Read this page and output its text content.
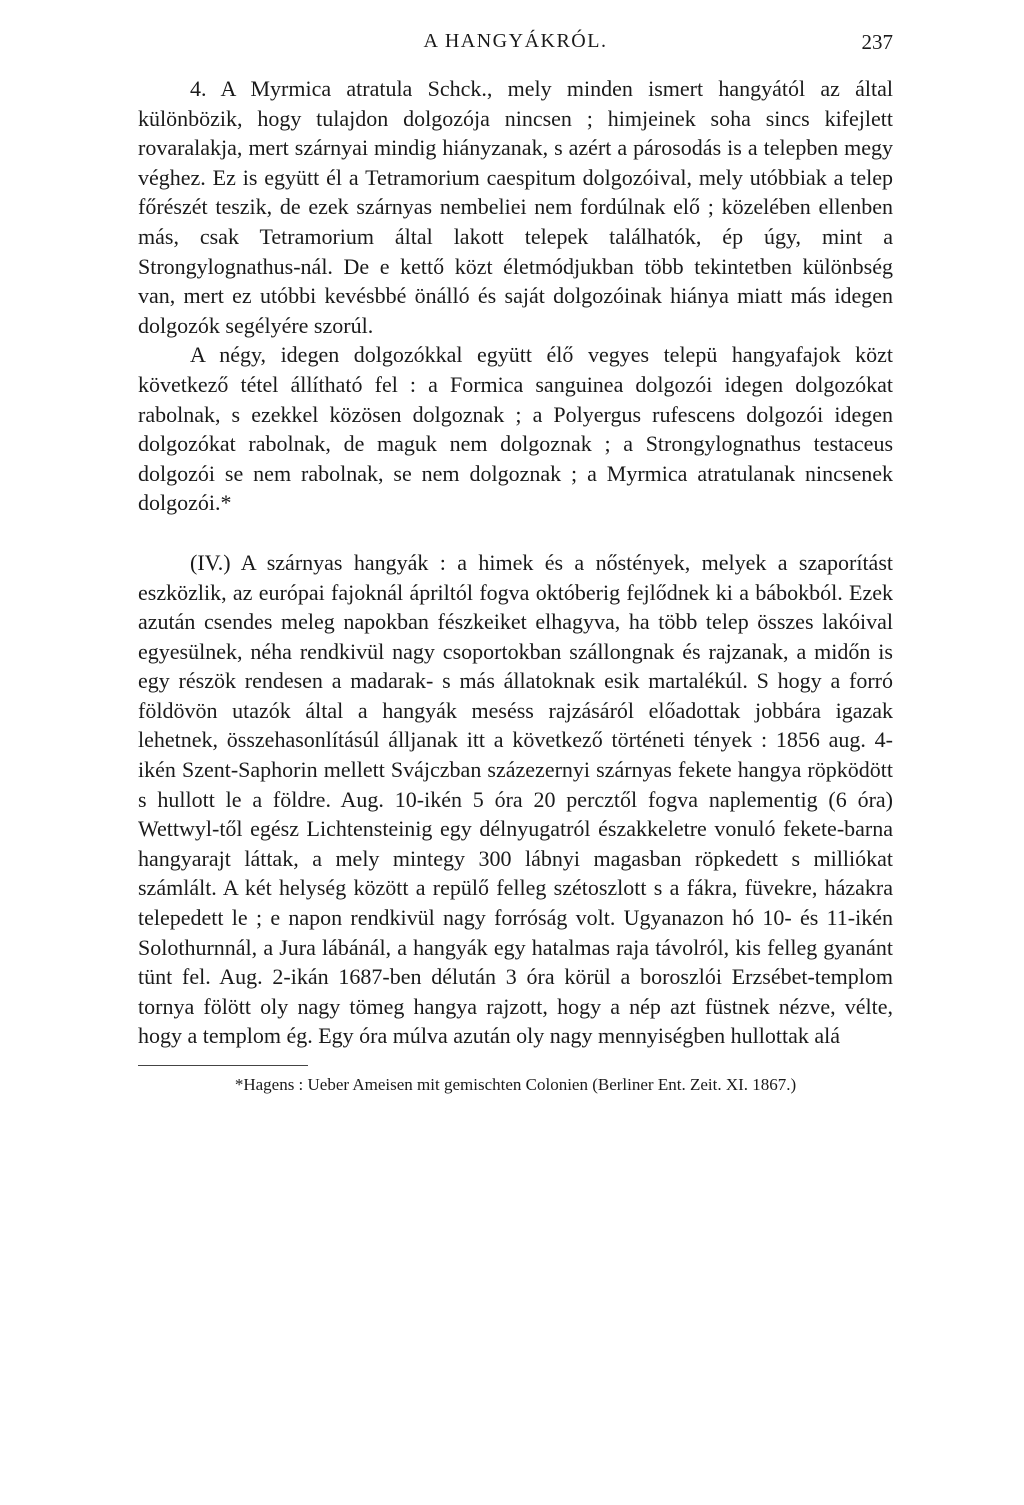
A HANGYÁKRÓL.	237

4. A Myrmica atratula Schck., mely minden ismert hangyától az által különbözik, hogy tulajdon dolgozója nincsen ; himjeinek soha sincs kifejlett rovaralakja, mert szárnyai mindig hiányzanak, s azért a párosodás is a telepben megy véghez. Ez is együtt él a Tetramorium caespitum dolgozóival, mely utóbbiak a telep főrészét teszik, de ezek szárnyas nembeliei nem fordúlnak elő ; közelében ellenben más, csak Tetramorium által lakott telepek találhatók, ép úgy, mint a Strongylognathus-nál. De e kettő közt életmódjukban több tekintetben különbség van, mert ez utóbbi kevésbbé önálló és saját dolgozóinak hiánya miatt más idegen dolgozók segélyére szorúl.

A négy, idegen dolgozókkal együtt élő vegyes telepü hangyafajok közt következő tétel állítható fel : a Formica sanguinea dolgozói idegen dolgozókat rabolnak, s ezekkel közösen dolgoznak ; a Polyergus rufescens dolgozói idegen dolgozókat rabolnak, de maguk nem dolgoznak ; a Strongylognathus testaceus dolgozói se nem rabolnak, se nem dolgoznak ; a Myrmica atratulanak nincsenek dolgozói.*

(IV.) A szárnyas hangyák : a himek és a nőstények, melyek a szaporítást eszközlik, az európai fajoknál ápriltól fogva októberig fejlődnek ki a bábokból. Ezek azután csendes meleg napokban fészkeiket elhagyva, ha több telep összes lakóival egyesülnek, néha rendkivül nagy csoportokban szállongnak és rajzanak, a midőn is egy részök rendesen a madarak- s más állatoknak esik martalékúl. S hogy a forró földövön utazók által a hangyák meséss rajzásáról előadottak jobbára igazak lehetnek, összehasonlításúl álljanak itt a következő történeti tények : 1856 aug. 4-ikén Szent-Saphorin mellett Svájczban százezernyi szárnyas fekete hangya röpködött s hullott le a földre. Aug. 10-ikén 5 óra 20 percztől fogva naplementig (6 óra) Wettwyl-től egész Lichtensteinig egy délnyugatról északkeletre vonuló fekete-barna hangyarajt láttak, a mely mintegy 300 lábnyi magasban röpkedett s milliókat számlált. A két helység között a repülő felleg szétoszlott s a fákra, füvekre, házakra telepedett le ; e napon rendkivül nagy forróság volt. Ugyanazon hó 10- és 11-ikén Solothurnnál, a Jura lábánál, a hangyák egy hatalmas raja távolról, kis felleg gyanánt tünt fel. Aug. 2-ikán 1687-ben délután 3 óra körül a boroszlói Erzsébet-templom tornya fölött oly nagy tömeg hangya rajzott, hogy a nép azt füstnek nézve, vélte, hogy a templom ég. Egy óra múlva azután oly nagy mennyiségben hullottak alá

*Hagens : Ueber Ameisen mit gemischten Colonien (Berliner Ent. Zeit. XI. 1867.)
